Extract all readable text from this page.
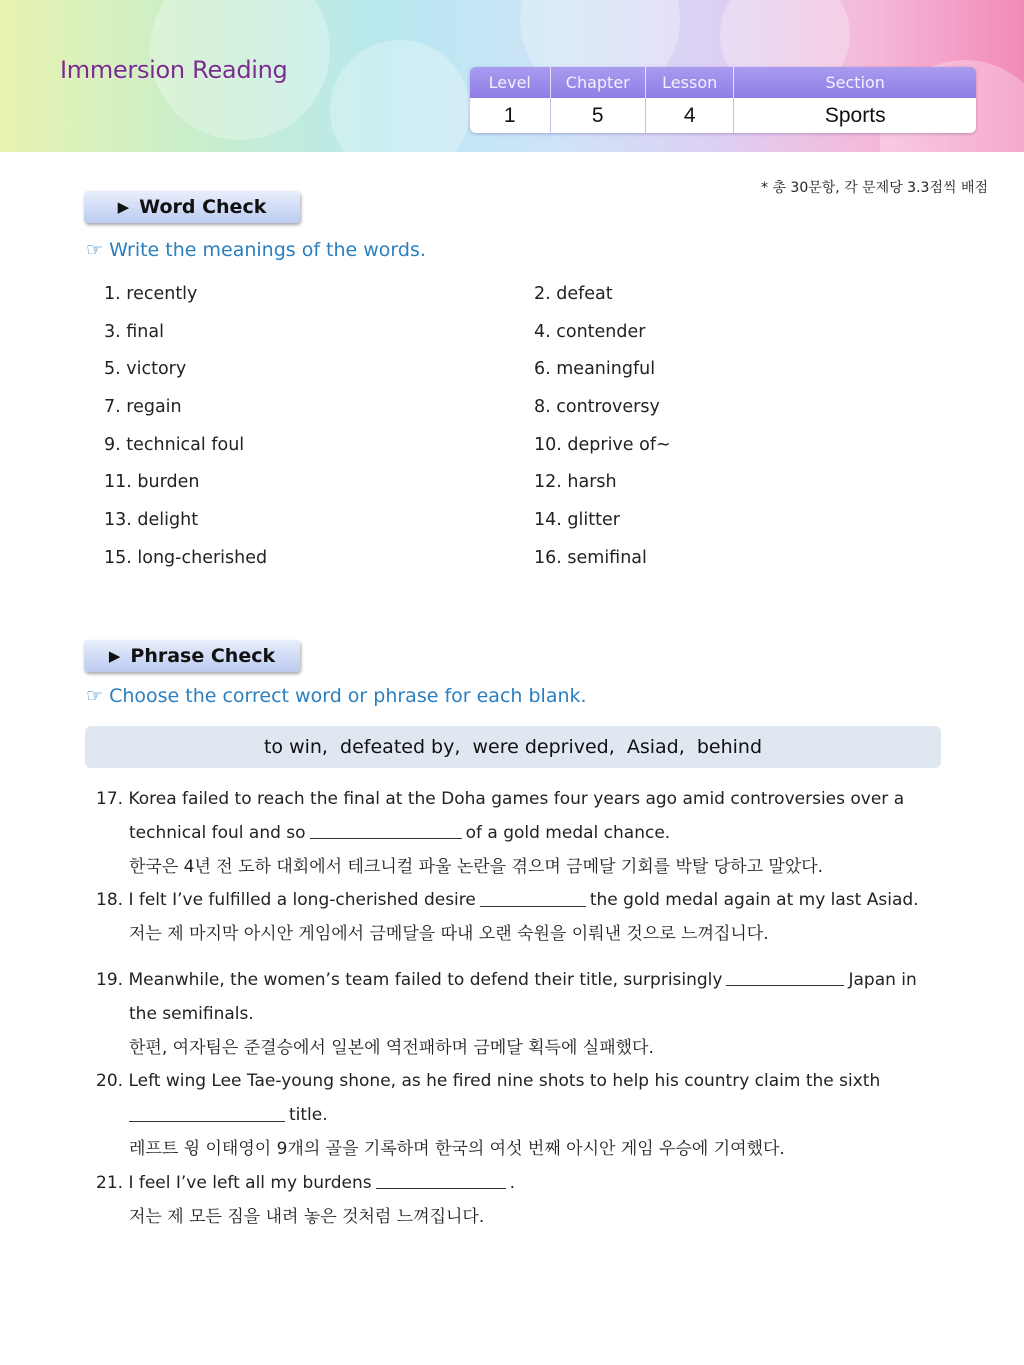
Immersion Reading	Level	Chapter	Lesson	Section
1	5	4	Sports
* 총 30문항, 각 문제당 3.3점씩 배점
▶ Word Check
☞ Write the meanings of the words.
1. recently	2. defeat
3. final	4. contender
5. victory	6. meaningful
7. regain	8. controversy
9. technical foul	10. deprive of~
11. burden	12. harsh
13. delight	14. glitter
15. long-cherished	16. semifinal
▶ Phrase Check
☞ Choose the correct word or phrase for each blank.
to win,  defeated by,  were deprived,  Asiad,  behind
17. Korea failed to reach the final at the Doha games four years ago amid controversies over a
technical foul and so	of a gold medal chance.
한국은 4년 전 도하 대회에서 테크니컬 파울 논란을 겪으며 금메달 기회를 박탈 당하고 말았다.
18. I felt I’ve fulfilled a long-cherished desire	the gold medal again at my last Asiad.
저는 제 마지막 아시안 게임에서 금메달을 따내 오랜 숙원을 이뤄낸 것으로 느껴집니다.
19. Meanwhile, the women’s team failed to defend their title, surprisingly	Japan in
the semifinals.
한편, 여자팀은 준결승에서 일본에 역전패하며 금메달 획득에 실패했다.
20. Left wing Lee Tae-young shone, as he fired nine shots to help his country claim the sixth
title.
레프트 윙 이태영이 9개의 골을 기록하며 한국의 여섯 번째 아시안 게임 우승에 기여했다.
21. I feel I’ve left all my burdens	.
저는 제 모든 짐을 내려 놓은 것처럼 느껴집니다.
